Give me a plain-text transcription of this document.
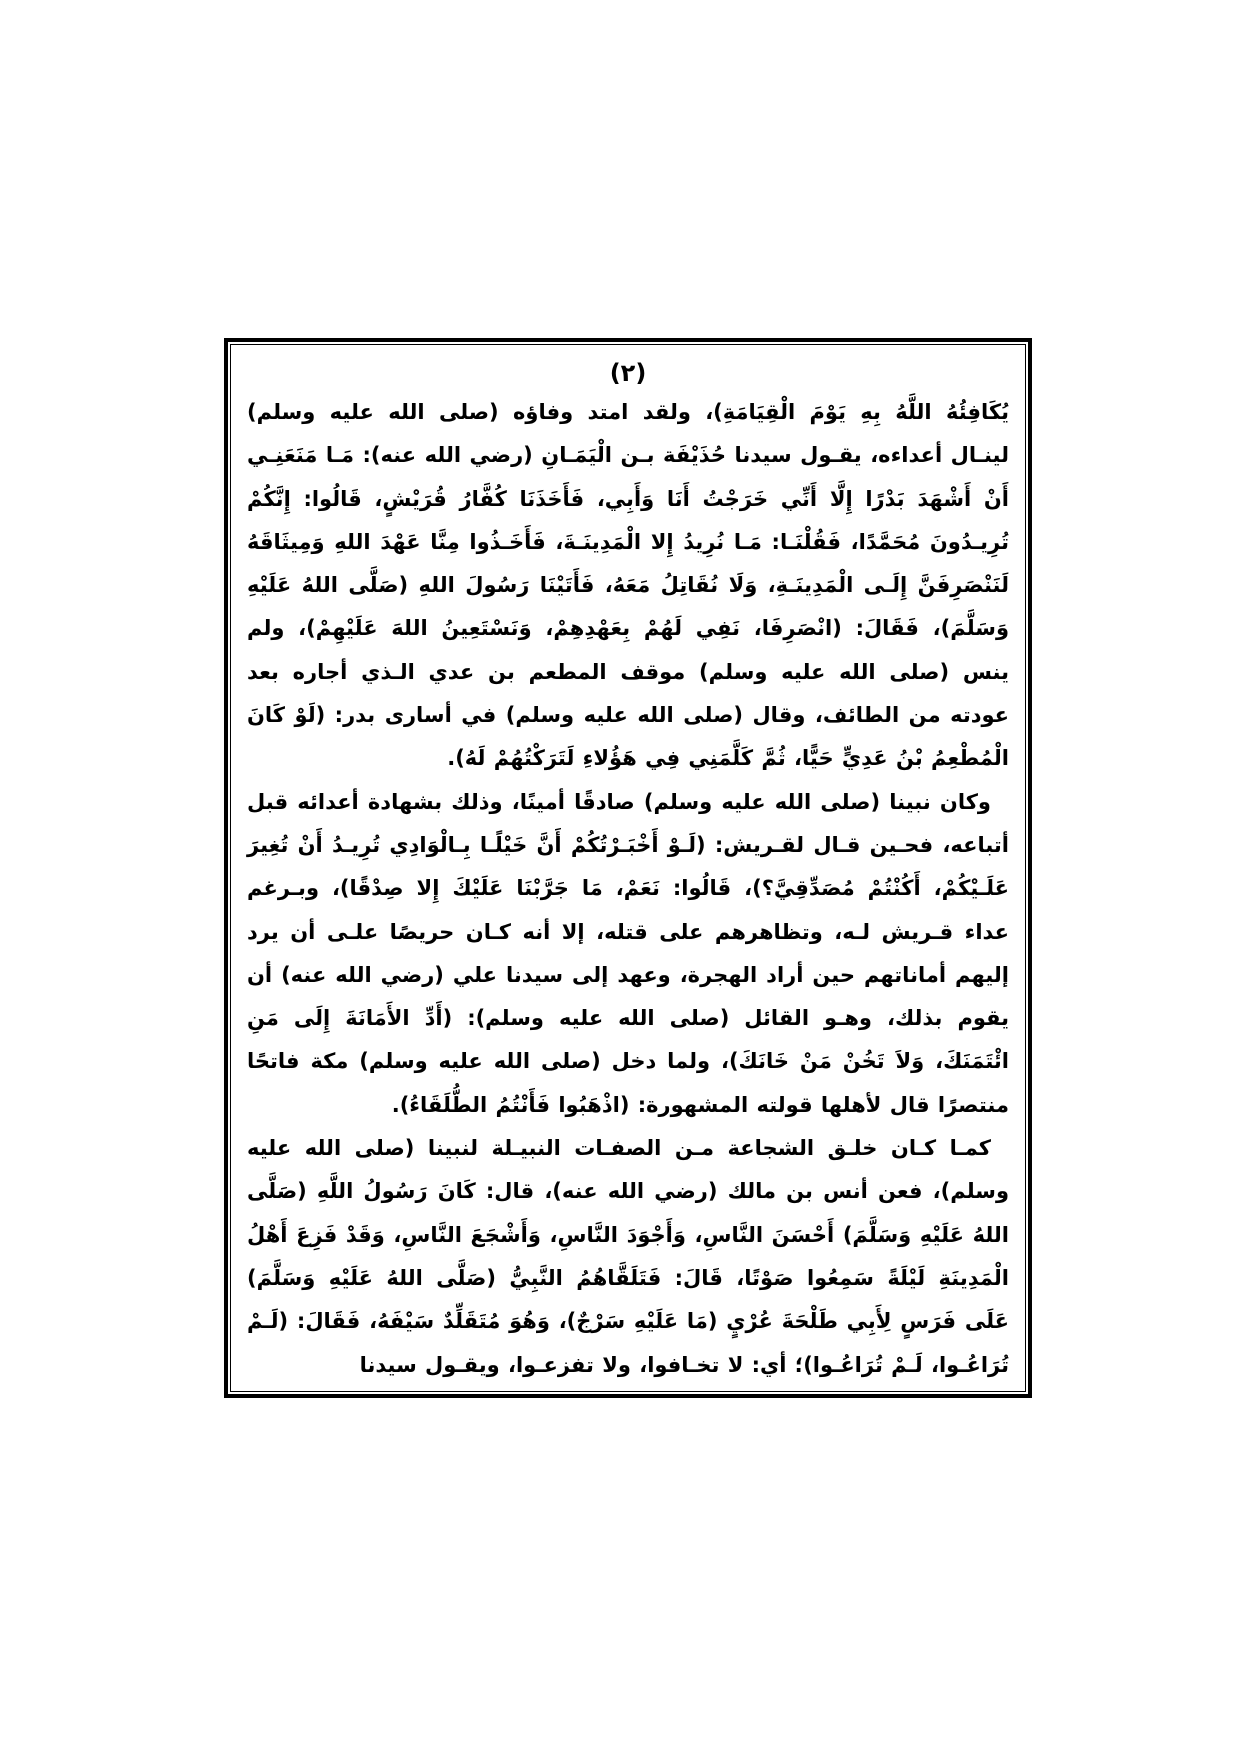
(٢)

يُكَافِئُهُ اللَّهُ بِهِ يَوْمَ الْقِيَامَةِ)، ولقد امتد وفاؤه (صلى الله عليه وسلم) لينـال أعداءه، يقـول سيدنا حُذَيْفَة بـن الْيَمَـانِ (رضي الله عنه): مَـا مَنَعَنِـي أَنْ أَشْهَدَ بَدْرًا إِلَّا أَنِّي خَرَجْتُ أَنَا وَأَبِي، فَأَخَذَنَا كُفَّارُ قُرَيْشٍ، قَالُوا: إِنَّكُمْ تُرِيـدُونَ مُحَمَّدًا، فَقُلْنَـا: مَـا نُرِيدُ إِلا الْمَدِينَـةَ، فَأَخَـذُوا مِنَّا عَهْدَ اللهِ وَمِيثَاقَهُ لَنَنْصَرِفَنَّ إِلَـى الْمَدِينَـةِ، وَلَا نُقَاتِلُ مَعَهُ، فَأَتَيْنَا رَسُولَ اللهِ (صَلَّى اللهُ عَلَيْهِ وَسَلَّمَ)، فَقَالَ: (انْصَرِفَا، نَفِي لَهُمْ بِعَهْدِهِمْ، وَنَسْتَعِينُ اللهَ عَلَيْهِمْ)، ولم ينس (صلى الله عليه وسلم) موقف المطعم بن عدي الـذي أجاره بعد عودته من الطائف، وقال (صلى الله عليه وسلم) في أسارى بدر: (لَوْ كَانَ الْمُطْعِمُ بْنُ عَدِيٍّ حَيًّا، ثُمَّ كَلَّمَنِي فِي هَؤُلاءِ لَتَرَكْتُهُمْ لَهُ).

وكان نبينا (صلى الله عليه وسلم) صادقًا أمينًا، وذلك بشهادة أعدائه قبل أتباعه، فحـين قـال لقـريش: (لَـوْ أَخْبَـرْتُكُمْ أَنَّ خَيْلًـا بِـالْوَادِي تُرِيـدُ أَنْ تُغِيرَ عَلَـيْكُمْ، أَكُنْتُمْ مُصَدِّقِيَّ؟)، قَالُوا: نَعَمْ، مَا جَرَّبْنَا عَلَيْكَ إِلا صِدْقًا)، وبـرغم عداء قـريش لـه، وتظاهرهم على قتله، إلا أنه كـان حريصًا علـى أن يرد إليهم أماناتهم حين أراد الهجرة، وعهد إلى سيدنا علي (رضي الله عنه) أن يقوم بذلك، وهـو القائل (صلى الله عليه وسلم): (أَدِّ الأَمَانَةَ إِلَى مَنِ ائْتَمَنَكَ، وَلاَ تَخُنْ مَنْ خَانَكَ)، ولما دخل (صلى الله عليه وسلم) مكة فاتحًا منتصرًا قال لأهلها قولته المشهورة: (اذْهَبُوا فَأَنْتُمُ الطُّلَقَاءُ).

كمـا كـان خلـق الشجاعة مـن الصفـات النبيـلة لنبينا (صلى الله عليه وسلم)، فعن أنس بن مالك (رضي الله عنه)، قال: كَانَ رَسُولُ اللَّهِ (صَلَّى اللهُ عَلَيْهِ وَسَلَّمَ) أَحْسَنَ النَّاسِ، وَأَجْوَدَ النَّاسِ، وَأَشْجَعَ النَّاسِ، وَقَدْ فَزِعَ أَهْلُ الْمَدِينَةِ لَيْلَةً سَمِعُوا صَوْتًا، قَالَ: فَتَلَقَّاهُمُ النَّبِيُّ (صَلَّى اللهُ عَلَيْهِ وَسَلَّمَ) عَلَى فَرَسٍ لِأَبِي طَلْحَةَ عُرْيٍ (مَا عَلَيْهِ سَرْجٌ)، وَهُوَ مُتَقَلِّدٌ سَيْفَهُ، فَقَالَ: (لَـمْ تُرَاعُـوا، لَـمْ تُرَاعُـوا)؛ أي: لا تخـافوا، ولا تفزعـوا، ويقـول سيدنا
